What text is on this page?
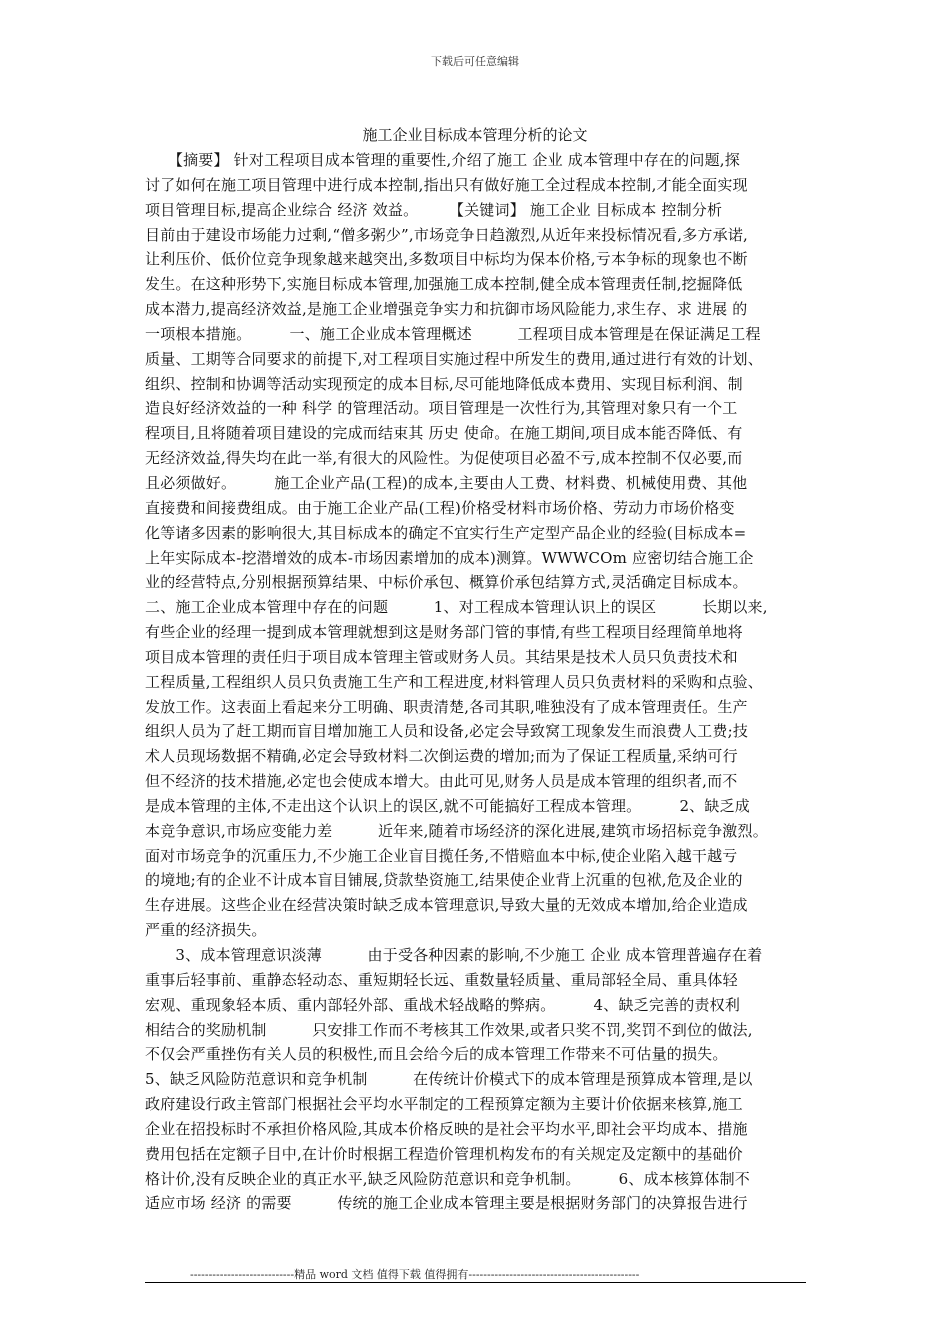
下载后可任意编辑
施工企业目标成本管理分析的论文
　　【摘要】 针对工程项目成本管理的重要性,介绍了施工 企业 成本管理中存在的问题,探
讨了如何在施工项目管理中进行成本控制,指出只有做好施工全过程成本控制,才能全面实现
项目管理目标,提高企业综合 经济 效益。　　　【关键词】 施工企业 目标成本 控制分析
目前由于建设市场能力过剩,“僧多粥少”,市场竞争日趋激烈,从近年来投标情况看,多方承诺,
让利压价、低价位竞争现象越来越突出,多数项目中标均为保本价格,亏本争标的现象也不断
发生。在这种形势下,实施目标成本管理,加强施工成本控制,健全成本管理责任制,挖掘降低
成本潜力,提高经济效益,是施工企业增强竞争实力和抗御市场风险能力,求生存、求 进展 的
一项根本措施。　　　一、施工企业成本管理概述　　　工程项目成本管理是在保证满足工程
质量、工期等合同要求的前提下,对工程项目实施过程中所发生的费用,通过进行有效的计划、
组织、控制和协调等活动实现预定的成本目标,尽可能地降低成本费用、实现目标利润、制
造良好经济效益的一种 科学 的管理活动。项目管理是一次性行为,其管理对象只有一个工
程项目,且将随着项目建设的完成而结束其 历史 使命。在施工期间,项目成本能否降低、有
无经济效益,得失均在此一举,有很大的风险性。为促使项目必盈不亏,成本控制不仅必要,而
且必须做好。　　　施工企业产品(工程)的成本,主要由人工费、材料费、机械使用费、其他
直接费和间接费组成。由于施工企业产品(工程)价格受材料市场价格、劳动力市场价格变
化等诸多因素的影响很大,其目标成本的确定不宜实行生产定型产品企业的经验(目标成本=
上年实际成本-挖潜增效的成本-市场因素增加的成本)测算。WWWCOm 应密切结合施工企
业的经营特点,分别根据预算结果、中标价承包、概算价承包结算方式,灵活确定目标成本。
二、施工企业成本管理中存在的问题　　　1、对工程成本管理认识上的误区　　　长期以来,
有些企业的经理一提到成本管理就想到这是财务部门管的事情,有些工程项目经理简单地将
项目成本管理的责任归于项目成本管理主管或财务人员。其结果是技术人员只负责技术和
工程质量,工程组织人员只负责施工生产和工程进度,材料管理人员只负责材料的采购和点验、
发放工作。这表面上看起来分工明确、职责清楚,各司其职,唯独没有了成本管理责任。生产
组织人员为了赶工期而盲目增加施工人员和设备,必定会导致窝工现象发生而浪费人工费;技
术人员现场数据不精确,必定会导致材料二次倒运费的增加;而为了保证工程质量,采纳可行
但不经济的技术措施,必定也会使成本增大。由此可见,财务人员是成本管理的组织者,而不
是成本管理的主体,不走出这个认识上的误区,就不可能搞好工程成本管理。　　　2、缺乏成
本竞争意识,市场应变能力差　　　近年来,随着市场经济的深化进展,建筑市场招标竞争激烈。
面对市场竞争的沉重压力,不少施工企业盲目揽任务,不惜赔血本中标,使企业陷入越干越亏
的境地;有的企业不计成本盲目铺展,贷款垫资施工,结果使企业背上沉重的包袱,危及企业的
生存进展。这些企业在经营决策时缺乏成本管理意识,导致大量的无效成本增加,给企业造成
严重的经济损失。
　　3、成本管理意识淡薄　　　由于受各种因素的影响,不少施工 企业 成本管理普遍存在着
重事后轻事前、重静态轻动态、重短期轻长远、重数量轻质量、重局部轻全局、重具体轻
宏观、重现象轻本质、重内部轻外部、重战术轻战略的弊病。　　　4、缺乏完善的责权利
相结合的奖励机制　　　只安排工作而不考核其工作效果,或者只奖不罚,奖罚不到位的做法,
不仅会严重挫伤有关人员的积极性,而且会给今后的成本管理工作带来不可估量的损失。
5、缺乏风险防范意识和竞争机制　　　在传统计价模式下的成本管理是预算成本管理,是以
政府建设行政主管部门根据社会平均水平制定的工程预算定额为主要计价依据来核算,施工
企业在招投标时不承担价格风险,其成本价格反映的是社会平均水平,即社会平均成本、措施
费用包括在定额子目中,在计价时根据工程造价管理机构发布的有关规定及定额中的基础价
格计价,没有反映企业的真正水平,缺乏风险防范意识和竞争机制。　　　6、成本核算体制不
适应市场 经济 的需要　　　传统的施工企业成本管理主要是根据财务部门的决算报告进行
----------------------------精品 word 文档 值得下载 值得拥有----------------------------------------------
